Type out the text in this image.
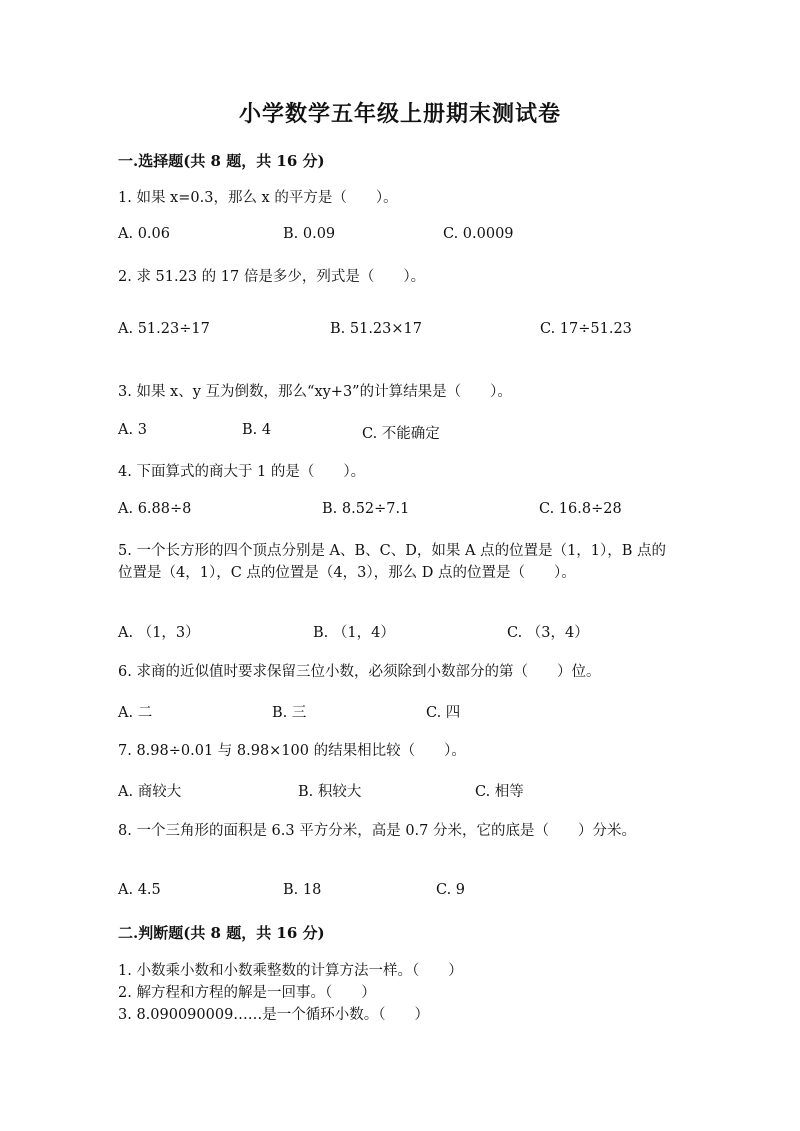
小学数学五年级上册期末测试卷
一.选择题(共 8 题，共 16 分)

1. 如果 x=0.3，那么 x 的平方是（　　）。

A. 0.06	B. 0.09	C. 0.0009

2. 求 51.23 的 17 倍是多少，列式是（　　）。

A. 51.23÷17	B. 51.23×17	C. 17÷51.23

3. 如果 x、y 互为倒数，那么“xy+3”的计算结果是（　　）。

A. 3	B. 4	C. 不能确定

4. 下面算式的商大于 1 的是（　　）。

A. 6.88÷8	B. 8.52÷7.1	C. 16.8÷28

5. 一个长方形的四个顶点分别是 A、B、C、D，如果 A 点的位置是（1，1），B 点的位置是（4，1），C 点的位置是（4，3），那么 D 点的位置是（　　）。

A. （1，3）	B. （1，4）	C. （3，4）

6. 求商的近似值时要求保留三位小数，必须除到小数部分的第（　　）位。

A. 二	B. 三	C. 四

7. 8.98÷0.01 与 8.98×100 的结果相比较（　　）。

A. 商较大	B. 积较大	C. 相等

8. 一个三角形的面积是 6.3 平方分米，高是 0.7 分米，它的底是（　　）分米。

A. 4.5	B. 18	C. 9
二.判断题(共 8 题，共 16 分)

1. 小数乘小数和小数乘整数的计算方法一样。（　　）

2. 解方程和方程的解是一回事。（　　）

3. 8.090090009……是一个循环小数。（　　）
